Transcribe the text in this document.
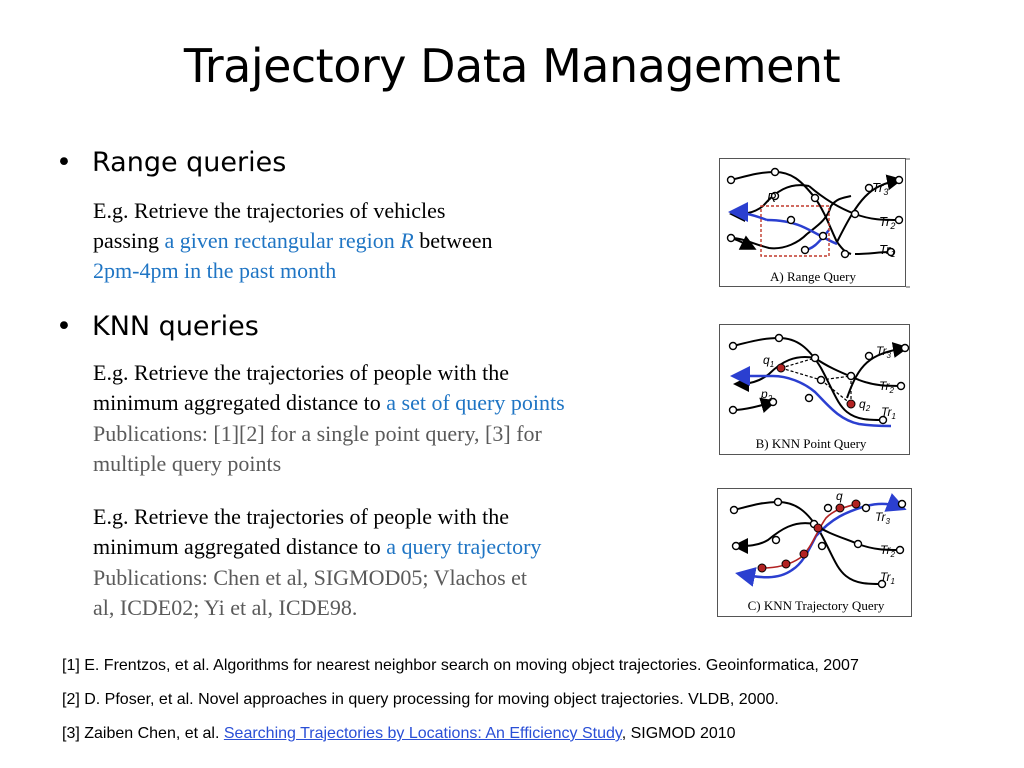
Trajectory Data Management
• Range queries
E.g. Retrieve the trajectories of vehicles
passing a given rectangular region R between
2pm-4pm in the past month
• KNN queries
E.g. Retrieve the trajectories of people with the
minimum aggregated distance to a set of query points
Publications: [1][2] for a single point query, [3] for
multiple query points
E.g. Retrieve the trajectories of people with the
minimum aggregated distance to a query trajectory
Publications: Chen et al, SIGMOD05; Vlachos et
al, ICDE02; Yi et al, ICDE98.
R
$Tr_3$
$Tr_2$
$Tr_1$
A) Range Query
$q_1$
$q_2$
$p_2$
$Tr_3$
$Tr_2$
$Tr_1$
B) KNN Point Query
q
$Tr_3$
$Tr_2$
$Tr_1$
C) KNN Trajectory Query
[1] E. Frentzos, et al. Algorithms for nearest neighbor search on moving object trajectories. Geoinformatica, 2007
[2] D. Pfoser, et al. Novel approaches in query processing for moving object trajectories. VLDB, 2000.
[3] Zaiben Chen, et al. Searching Trajectories by Locations: An Efficiency Study, SIGMOD 2010
